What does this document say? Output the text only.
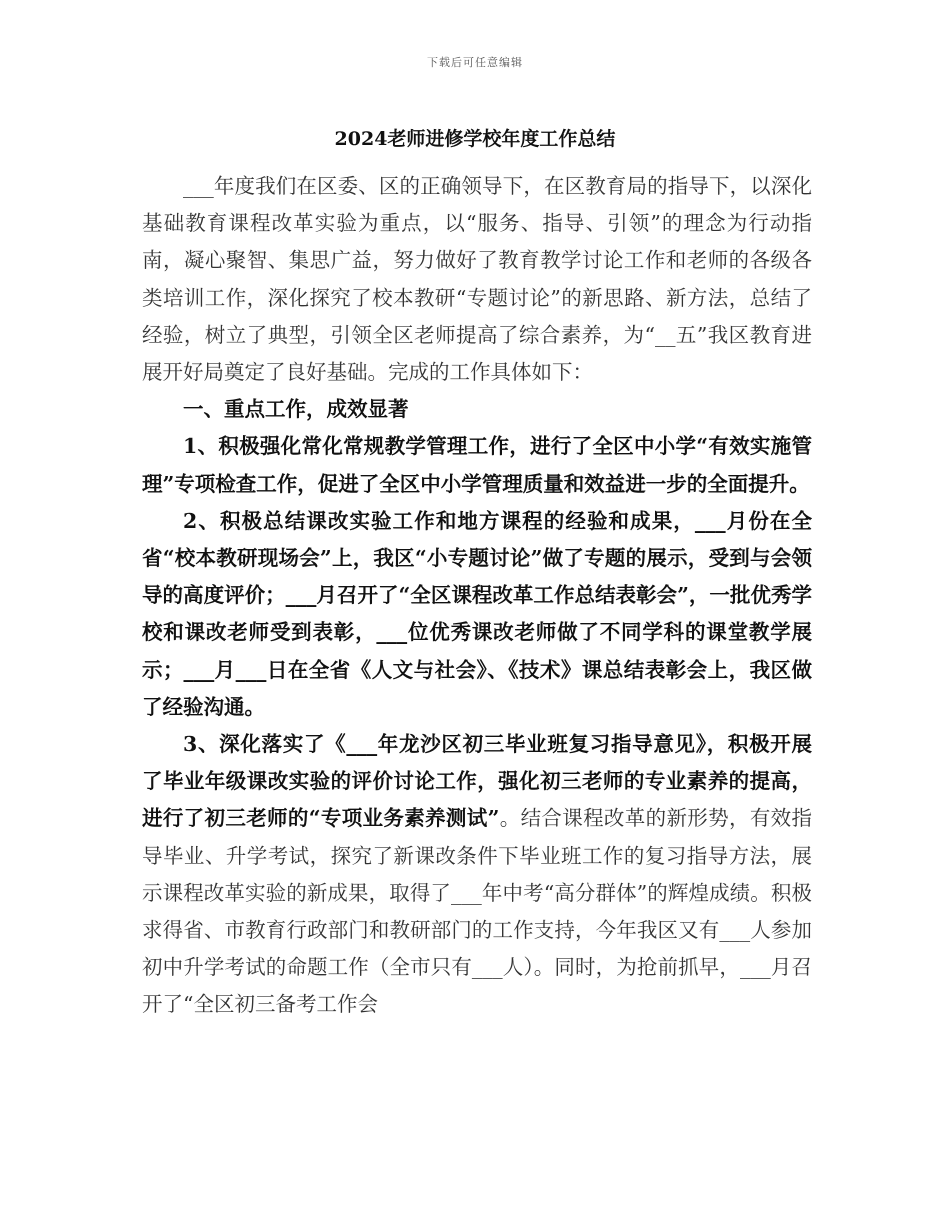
下载后可任意编辑
2024老师进修学校年度工作总结

___年度我们在区委、区的正确领导下，在区教育局的指导下，以深化基础教育课程改革实验为重点，以“服务、指导、引领”的理念为行动指南，凝心聚智、集思广益，努力做好了教育教学讨论工作和老师的各级各类培训工作，深化探究了校本教研“专题讨论”的新思路、新方法，总结了经验，树立了典型，引领全区老师提高了综合素养，为“__五”我区教育进展开好局奠定了良好基础。完成的工作具体如下：

一、重点工作，成效显著

1、积极强化常化常规教学管理工作，进行了全区中小学“有效实施管理”专项检查工作，促进了全区中小学管理质量和效益进一步的全面提升。

2、积极总结课改实验工作和地方课程的经验和成果，___月份在全省“校本教研现场会”上，我区“小专题讨论”做了专题的展示，受到与会领导的高度评价；___月召开了“全区课程改革工作总结表彰会”，一批优秀学校和课改老师受到表彰，___位优秀课改老师做了不同学科的课堂教学展示；___月___日在全省《人文与社会》、《技术》课总结表彰会上，我区做了经验沟通。

3、深化落实了《___年龙沙区初三毕业班复习指导意见》，积极开展了毕业年级课改实验的评价讨论工作，强化初三老师的专业素养的提高，进行了初三老师的“专项业务素养测试”。结合课程改革的新形势，有效指导毕业、升学考试，探究了新课改条件下毕业班工作的复习指导方法，展示课程改革实验的新成果，取得了___年中考“高分群体”的辉煌成绩。积极求得省、市教育行政部门和教研部门的工作支持，今年我区又有___人参加初中升学考试的命题工作（全市只有___人）。同时，为抢前抓早，___月召开了“全区初三备考工作会
